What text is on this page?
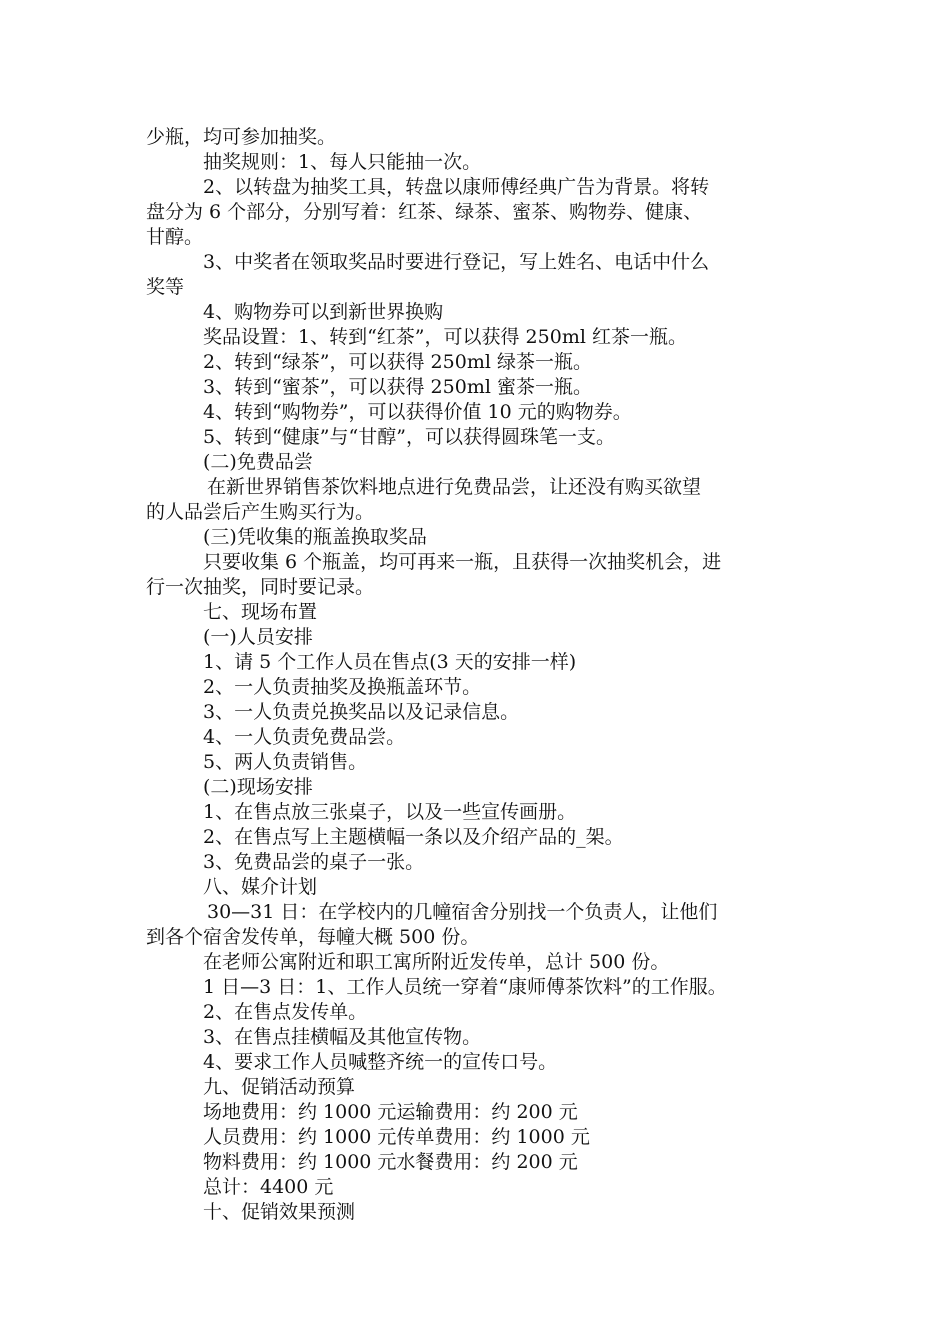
少瓶，均可参加抽奖。
抽奖规则：1、每人只能抽一次。
2、以转盘为抽奖工具，转盘以康师傅经典广告为背景。将转
盘分为 6 个部分，分别写着：红茶、绿茶、蜜茶、购物券、健康、
甘醇。
3、中奖者在领取奖品时要进行登记，写上姓名、电话中什么
奖等
4、购物券可以到新世界换购
奖品设置：1、转到“红茶”，可以获得 250ml 红茶一瓶。
2、转到“绿茶”，可以获得 250ml 绿茶一瓶。
3、转到“蜜茶”，可以获得 250ml 蜜茶一瓶。
4、转到“购物券”，可以获得价值 10 元的购物券。
5、转到“健康”与“甘醇”，可以获得圆珠笔一支。
(二)免费品尝
在新世界销售茶饮料地点进行免费品尝，让还没有购买欲望
的人品尝后产生购买行为。
(三)凭收集的瓶盖换取奖品
只要收集 6 个瓶盖，均可再来一瓶，且获得一次抽奖机会，进
行一次抽奖，同时要记录。
七、现场布置
(一)人员安排
1、请 5 个工作人员在售点(3 天的安排一样)
2、一人负责抽奖及换瓶盖环节。
3、一人负责兑换奖品以及记录信息。
4、一人负责免费品尝。
5、两人负责销售。
(二)现场安排
1、在售点放三张桌子，以及一些宣传画册。
2、在售点写上主题横幅一条以及介绍产品的_架。
3、免费品尝的桌子一张。
八、媒介计划
30—31 日：在学校内的几幢宿舍分别找一个负责人，让他们
到各个宿舍发传单，每幢大概 500 份。
在老师公寓附近和职工寓所附近发传单，总计 500 份。
1 日—3 日：1、工作人员统一穿着“康师傅茶饮料”的工作服。
2、在售点发传单。
3、在售点挂横幅及其他宣传物。
4、要求工作人员喊整齐统一的宣传口号。
九、促销活动预算
场地费用：约 1000 元运输费用：约 200 元
人员费用：约 1000 元传单费用：约 1000 元
物料费用：约 1000 元水餐费用：约 200 元
总计：4400 元
十、促销效果预测
